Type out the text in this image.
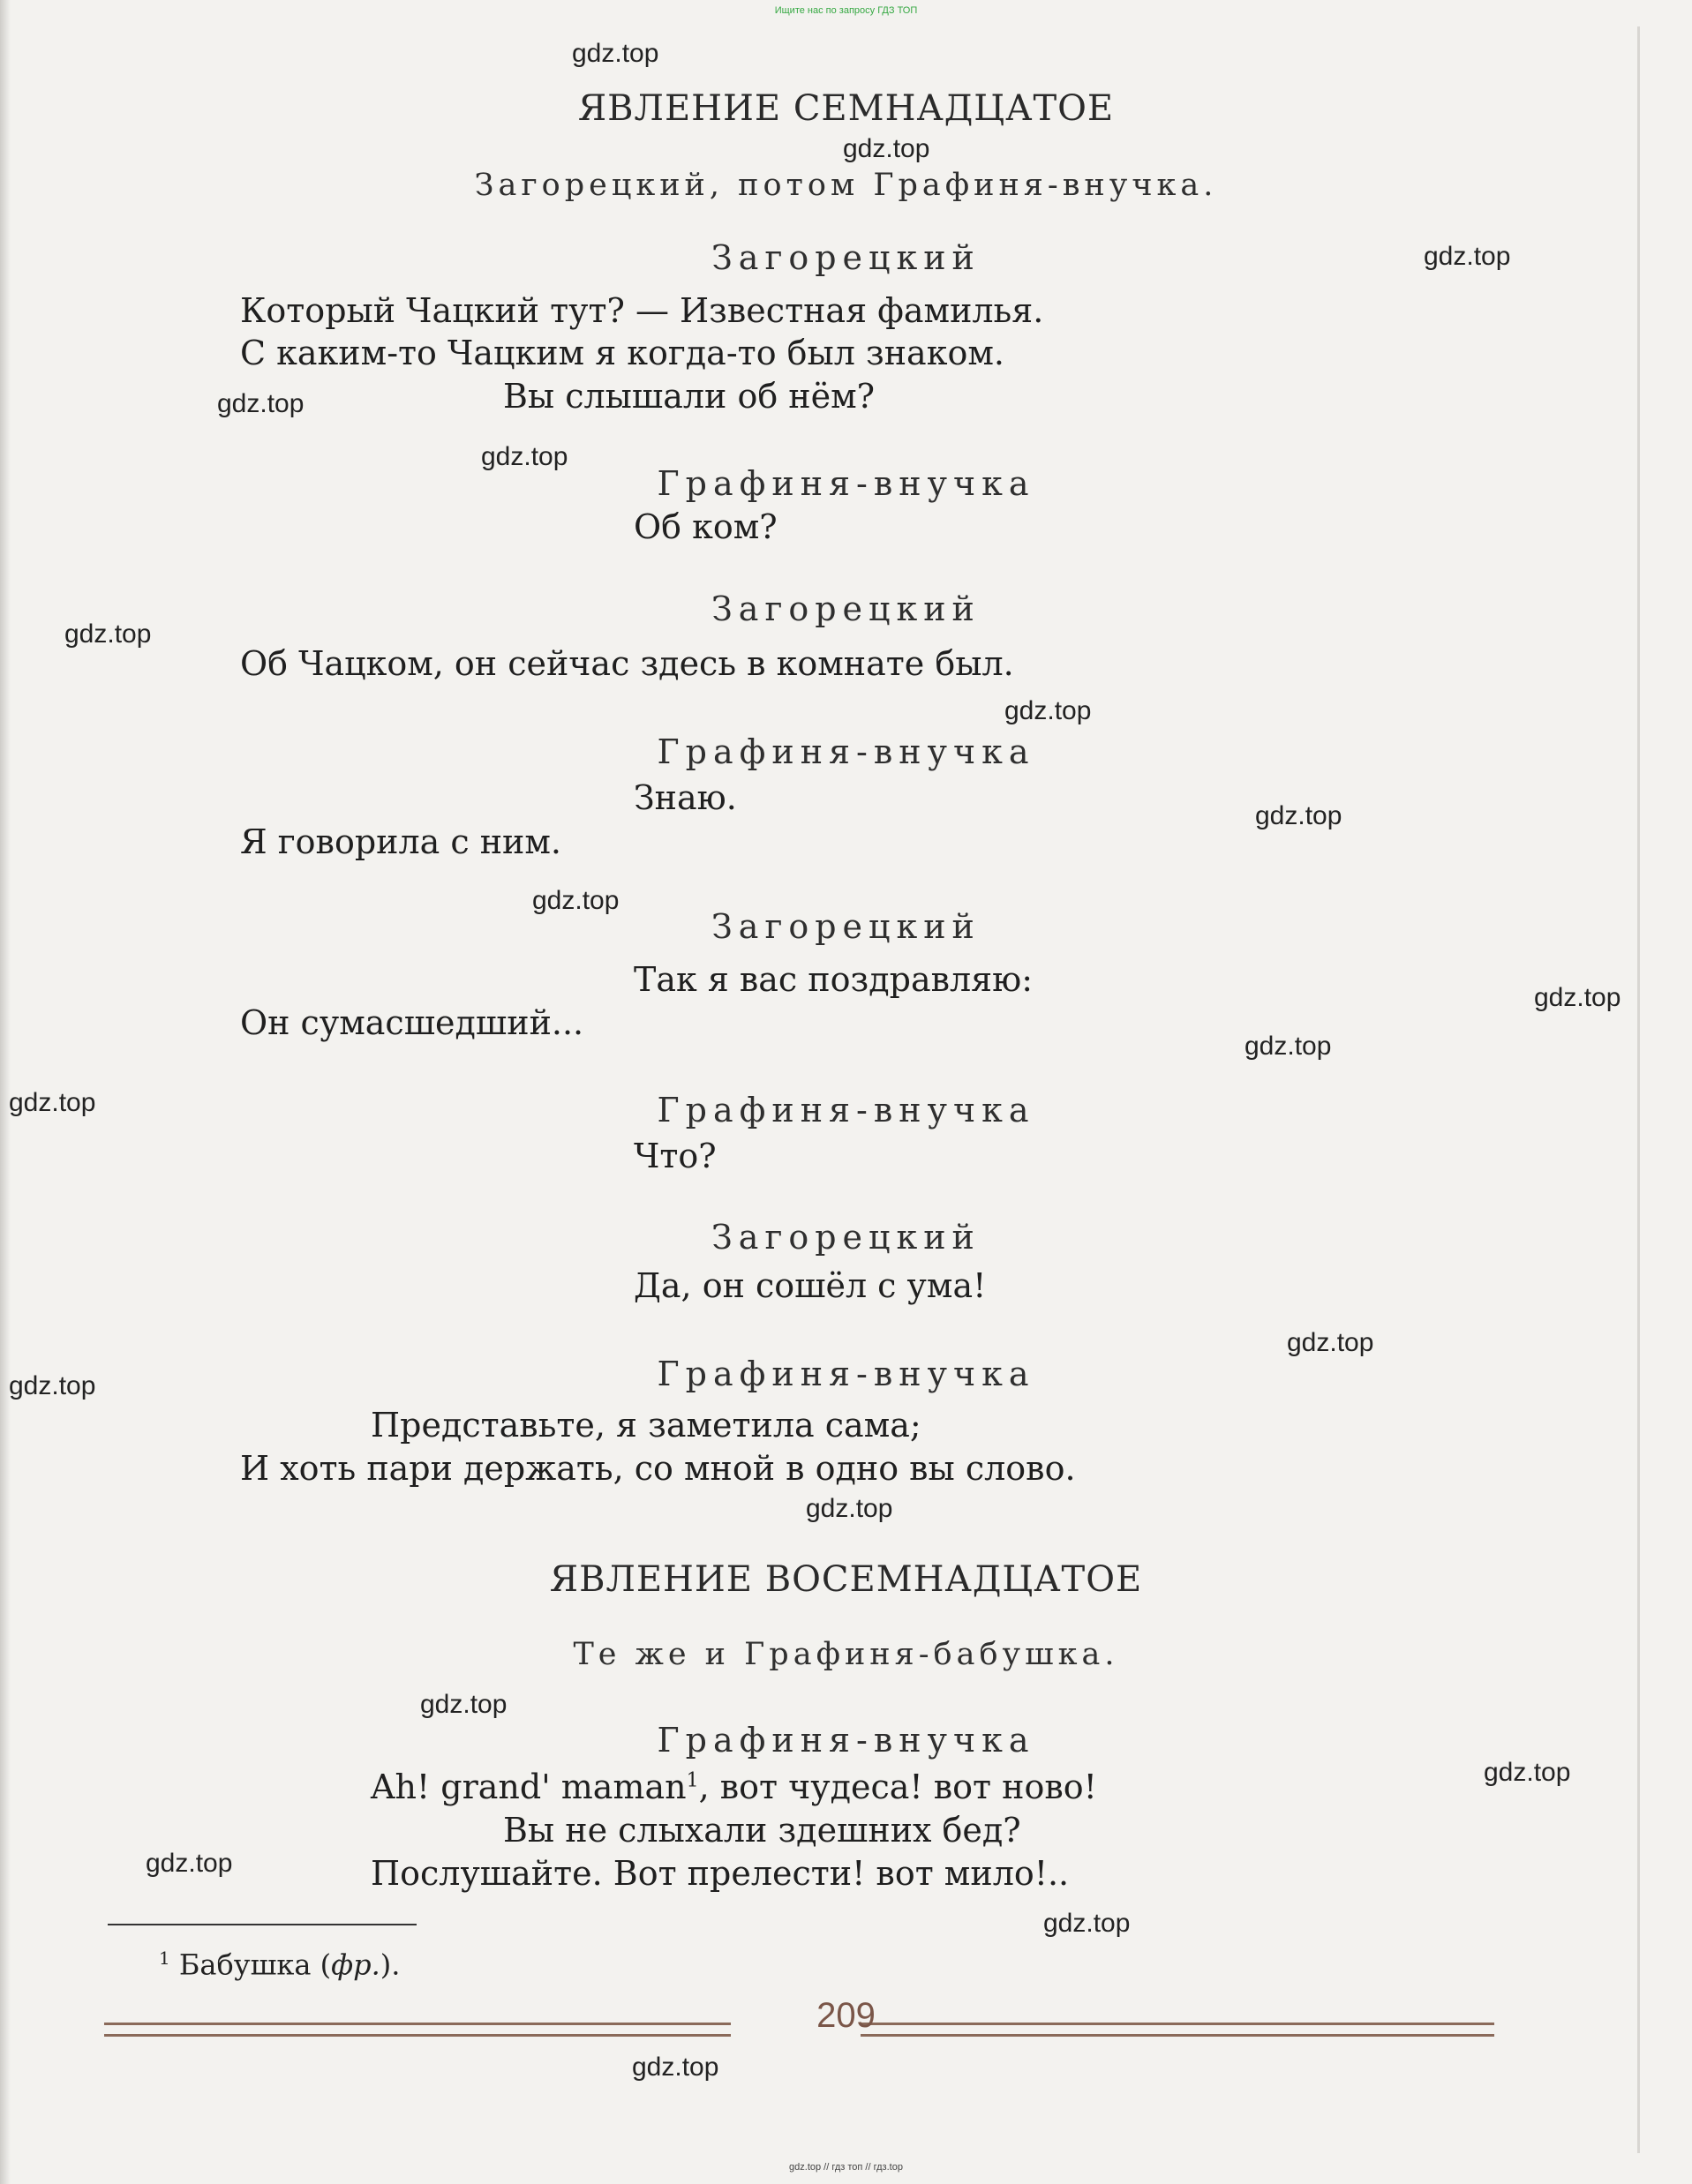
Ищите нас по запросу ГДЗ ТОП
ЯВЛЕНИЕ СЕМНАДЦАТОЕ
Загорецкий, потом Графиня-внучка.
Загорецкий
Который Чацкий тут? — Известная фамилья.
С каким-то Чацким я когда-то был знаком.
Вы слышали об нём?
Графиня-внучка
Об ком?
Загорецкий
Об Чацком, он сейчас здесь в комнате был.
Графиня-внучка
Знаю.
Я говорила с ним.
Загорецкий
Так я вас поздравляю:
Он сумасшедший...
Графиня-внучка
Что?
Загорецкий
Да, он сошёл с ума!
Графиня-внучка
Представьте, я заметила сама;
И хоть пари держать, со мной в одно вы слово.
ЯВЛЕНИЕ ВОСЕМНАДЦАТОЕ
Те же и Графиня-бабушка.
Графиня-внучка
Ah! grand' maman$^1$, вот чудеса! вот ново!
Вы не слыхали здешних бед?
Послушайте. Вот прелести! вот мило!..
$^1$ Бабушка (фр.).
209
gdz.top
gdz.top
gdz.top
gdz.top
gdz.top
gdz.top
gdz.top
gdz.top
gdz.top
gdz.top
gdz.top
gdz.top
gdz.top
gdz.top
gdz.top
gdz.top
gdz.top
gdz.top
gdz.top
gdz.top
gdz.top // гдз топ // гдз.top
